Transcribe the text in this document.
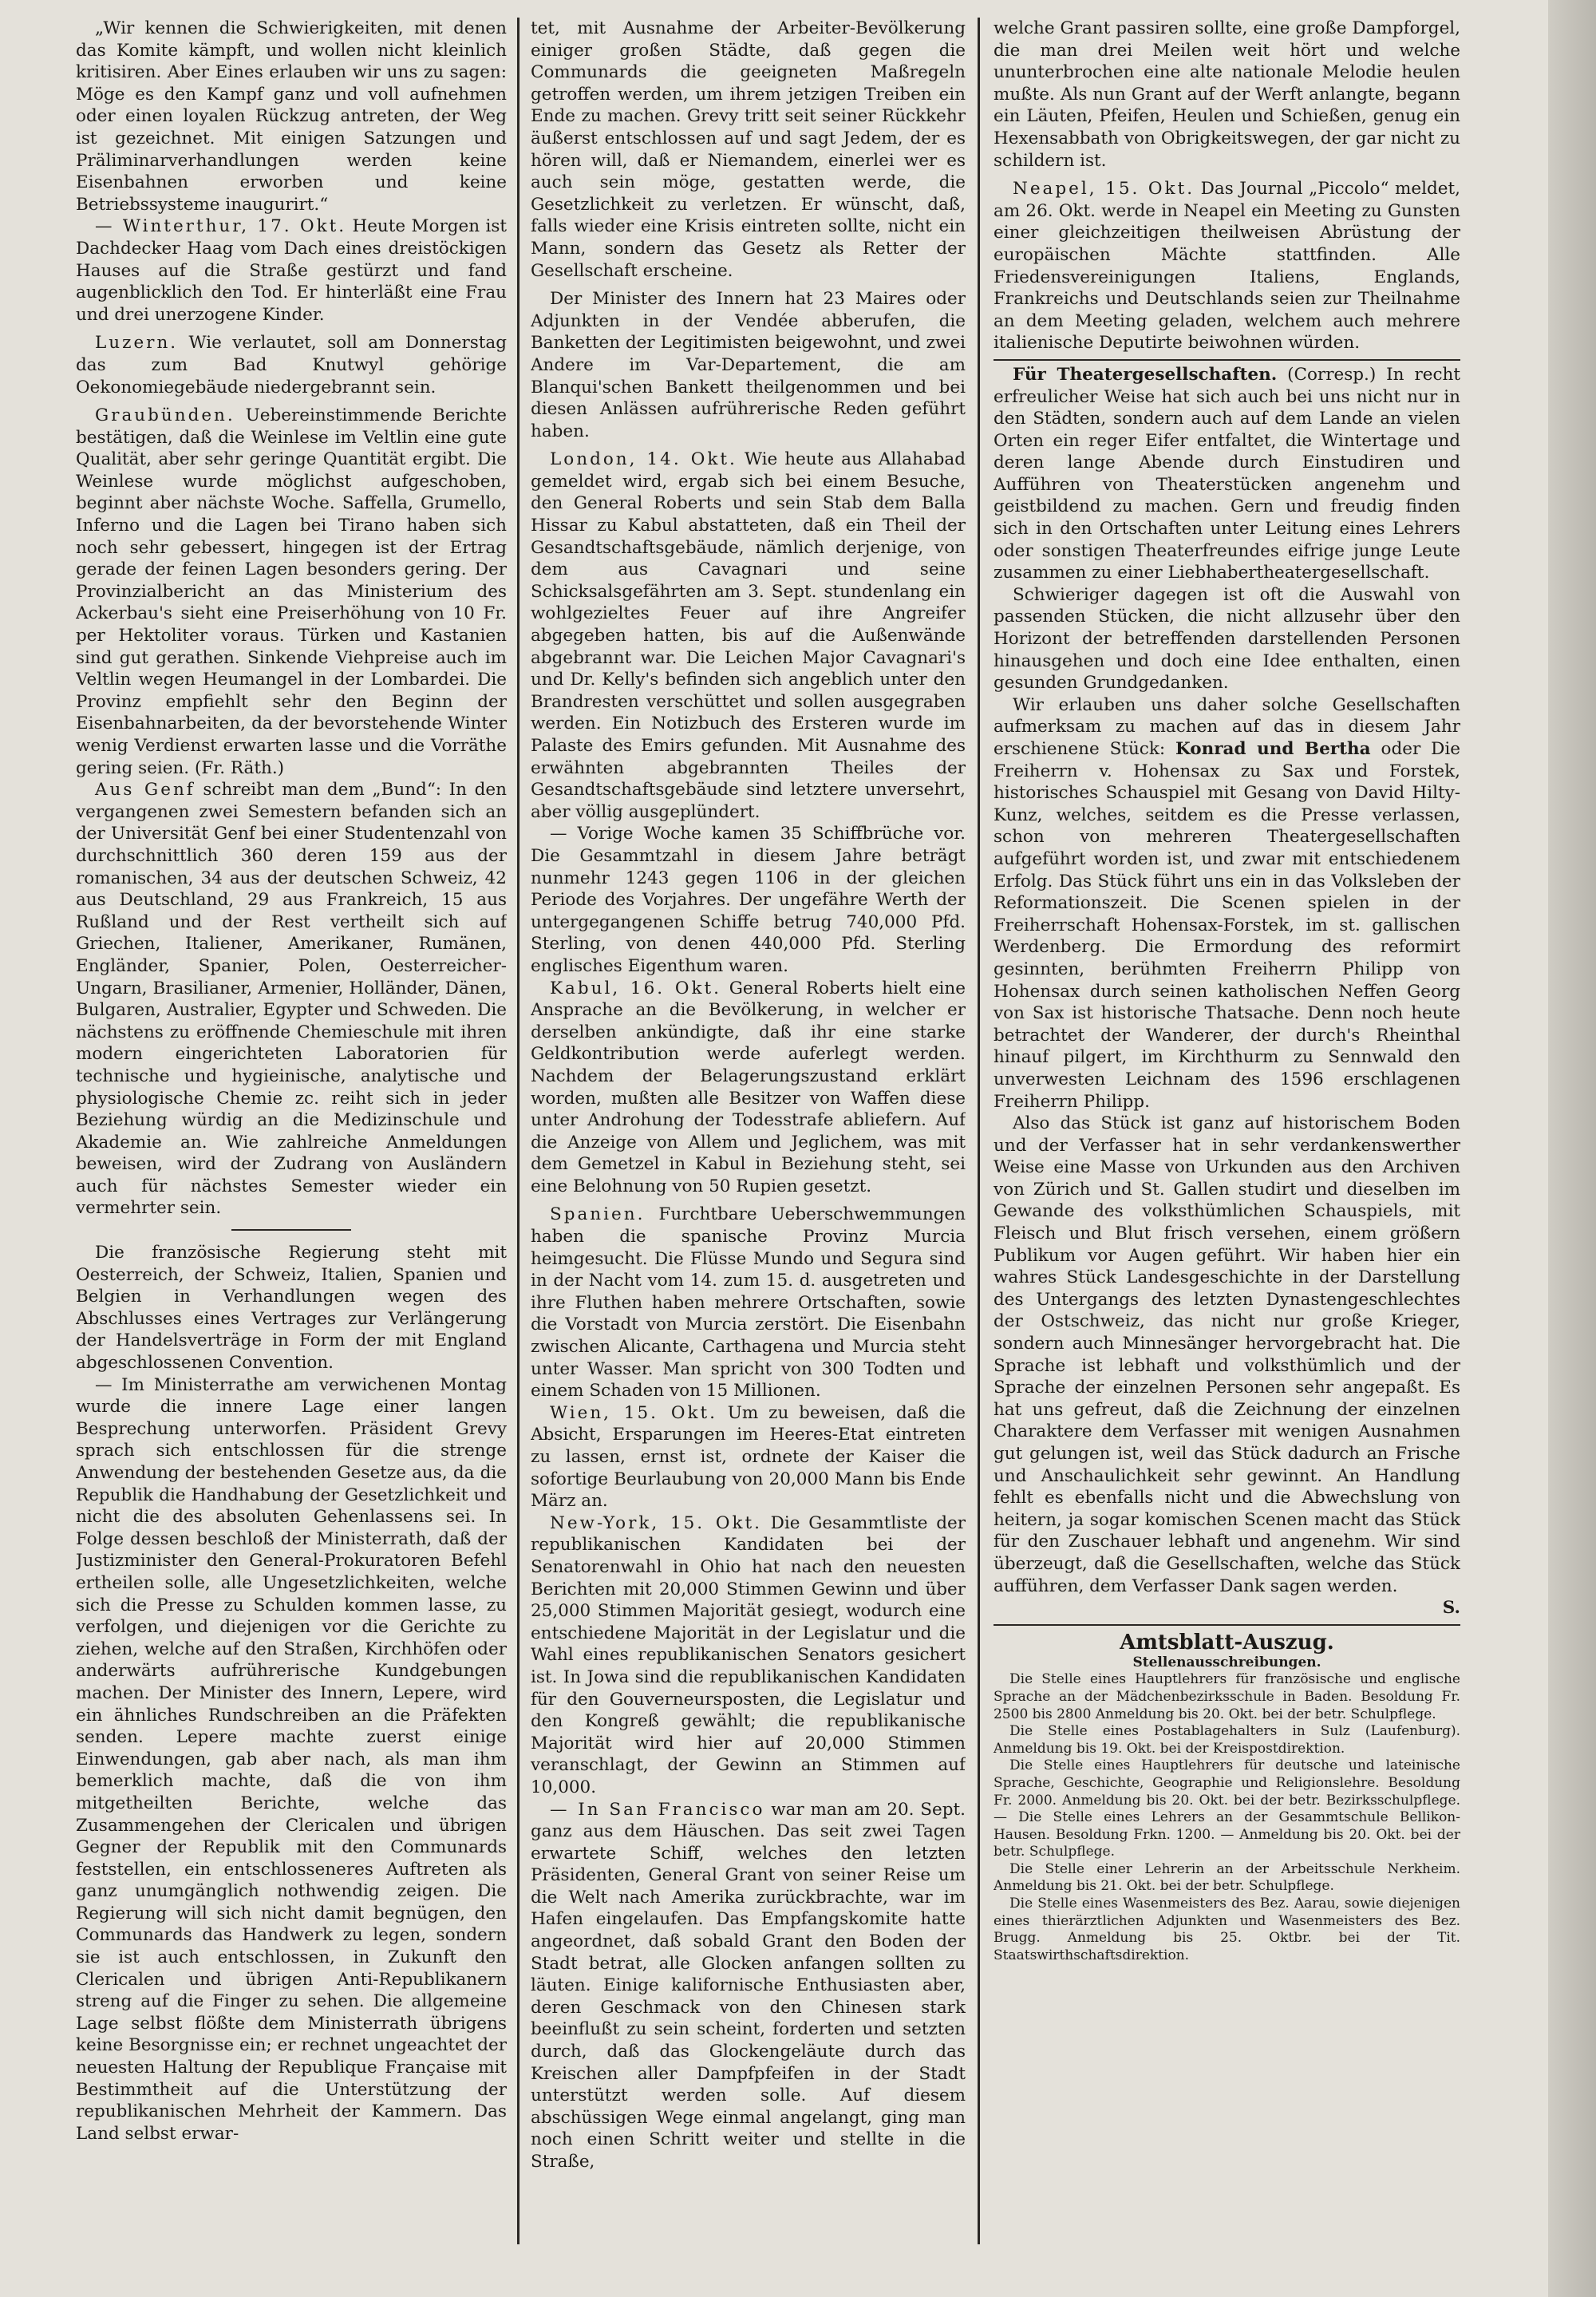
„Wir kennen die Schwierigkeiten, mit denen das Komite kämpft, und wollen nicht kleinlich kritisiren. Aber Eines erlauben wir uns zu sagen: Möge es den Kampf ganz und voll aufnehmen oder einen loyalen Rückzug antreten, der Weg ist gezeichnet. Mit einigen Satzungen und Präliminarverhandlungen werden keine Eisenbahnen erworben und keine Betriebssysteme inaugurirt.“

— Winterthur, 17. Okt. Heute Morgen ist Dachdecker Haag vom Dach eines dreistöckigen Hauses auf die Straße gestürzt und fand augenblicklich den Tod. Er hinterläßt eine Frau und drei unerzogene Kinder.

Luzern. Wie verlautet, soll am Donnerstag das zum Bad Knutwyl gehörige Oekonomiegebäude niedergebrannt sein.

Graubünden. Uebereinstimmende Berichte bestätigen, daß die Weinlese im Veltlin eine gute Qualität, aber sehr geringe Quantität ergibt. Die Weinlese wurde möglichst aufgeschoben, beginnt aber nächste Woche. Saffella, Grumello, Inferno und die Lagen bei Tirano haben sich noch sehr gebessert, hingegen ist der Ertrag gerade der feinen Lagen besonders gering. Der Provinzialbericht an das Ministerium des Ackerbau's sieht eine Preiserhöhung von 10 Fr. per Hektoliter voraus. Türken und Kastanien sind gut gerathen. Sinkende Viehpreise auch im Veltlin wegen Heumangel in der Lombardei. Die Provinz empfiehlt sehr den Beginn der Eisenbahnarbeiten, da der bevorstehende Winter wenig Verdienst erwarten lasse und die Vorräthe gering seien. (Fr. Räth.)

Aus Genf schreibt man dem „Bund“: In den vergangenen zwei Semestern befanden sich an der Universität Genf bei einer Studentenzahl von durchschnittlich 360 deren 159 aus der romanischen, 34 aus der deutschen Schweiz, 42 aus Deutschland, 29 aus Frankreich, 15 aus Rußland und der Rest vertheilt sich auf Griechen, Italiener, Amerikaner, Rumänen, Engländer, Spanier, Polen, Oesterreicher-Ungarn, Brasilianer, Armenier, Holländer, Dänen, Bulgaren, Australier, Egypter und Schweden. Die nächstens zu eröffnende Chemieschule mit ihren modern eingerichteten Laboratorien für technische und hygieinische, analytische und physiologische Chemie zc. reiht sich in jeder Beziehung würdig an die Medizinschule und Akademie an. Wie zahlreiche Anmeldungen beweisen, wird der Zudrang von Ausländern auch für nächstes Semester wieder ein vermehrter sein.

Die französische Regierung steht mit Oesterreich, der Schweiz, Italien, Spanien und Belgien in Verhandlungen wegen des Abschlusses eines Vertrages zur Verlängerung der Handelsverträge in Form der mit England abgeschlossenen Convention.

— Im Ministerrathe am verwichenen Montag wurde die innere Lage einer langen Besprechung unterworfen. Präsident Grevy sprach sich entschlossen für die strenge Anwendung der bestehenden Gesetze aus, da die Republik die Handhabung der Gesetzlichkeit und nicht die des absoluten Gehenlassens sei. In Folge dessen beschloß der Ministerrath, daß der Justizminister den General-Prokuratoren Befehl ertheilen solle, alle Ungesetzlichkeiten, welche sich die Presse zu Schulden kommen lasse, zu verfolgen, und diejenigen vor die Gerichte zu ziehen, welche auf den Straßen, Kirchhöfen oder anderwärts aufrührerische Kundgebungen machen. Der Minister des Innern, Lepere, wird ein ähnliches Rundschreiben an die Präfekten senden. Lepere machte zuerst einige Einwendungen, gab aber nach, als man ihm bemerklich machte, daß die von ihm mitgetheilten Berichte, welche das Zusammengehen der Clericalen und übrigen Gegner der Republik mit den Communards feststellen, ein entschlosseneres Auftreten als ganz unumgänglich nothwendig zeigen. Die Regierung will sich nicht damit begnügen, den Communards das Handwerk zu legen, sondern sie ist auch entschlossen, in Zukunft den Clericalen und übrigen Anti-Republikanern streng auf die Finger zu sehen. Die allgemeine Lage selbst flößte dem Ministerrath übrigens keine Besorgnisse ein; er rechnet ungeachtet der neuesten Haltung der Republique Française mit Bestimmtheit auf die Unterstützung der republikanischen Mehrheit der Kammern. Das Land selbst erwar-

tet, mit Ausnahme der Arbeiter-Bevölkerung einiger großen Städte, daß gegen die Communards die geeigneten Maßregeln getroffen werden, um ihrem jetzigen Treiben ein Ende zu machen. Grevy tritt seit seiner Rückkehr äußerst entschlossen auf und sagt Jedem, der es hören will, daß er Niemandem, einerlei wer es auch sein möge, gestatten werde, die Gesetzlichkeit zu verletzen. Er wünscht, daß, falls wieder eine Krisis eintreten sollte, nicht ein Mann, sondern das Gesetz als Retter der Gesellschaft erscheine.

Der Minister des Innern hat 23 Maires oder Adjunkten in der Vendée abberufen, die Banketten der Legitimisten beigewohnt, und zwei Andere im Var-Departement, die am Blanqui'schen Bankett theilgenommen und bei diesen Anlässen aufrührerische Reden geführt haben.

London, 14. Okt. Wie heute aus Allahabad gemeldet wird, ergab sich bei einem Besuche, den General Roberts und sein Stab dem Balla Hissar zu Kabul abstatteten, daß ein Theil der Gesandtschaftsgebäude, nämlich derjenige, von dem aus Cavagnari und seine Schicksalsgefährten am 3. Sept. stundenlang ein wohlgezieltes Feuer auf ihre Angreifer abgegeben hatten, bis auf die Außenwände abgebrannt war. Die Leichen Major Cavagnari's und Dr. Kelly's befinden sich angeblich unter den Brandresten verschüttet und sollen ausgegraben werden. Ein Notizbuch des Ersteren wurde im Palaste des Emirs gefunden. Mit Ausnahme des erwähnten abgebrannten Theiles der Gesandtschaftsgebäude sind letztere unversehrt, aber völlig ausgeplündert.

— Vorige Woche kamen 35 Schiffbrüche vor. Die Gesammtzahl in diesem Jahre beträgt nunmehr 1243 gegen 1106 in der gleichen Periode des Vorjahres. Der ungefähre Werth der untergegangenen Schiffe betrug 740,000 Pfd. Sterling, von denen 440,000 Pfd. Sterling englisches Eigenthum waren.

Kabul, 16. Okt. General Roberts hielt eine Ansprache an die Bevölkerung, in welcher er derselben ankündigte, daß ihr eine starke Geldkontribution werde auferlegt werden. Nachdem der Belagerungszustand erklärt worden, mußten alle Besitzer von Waffen diese unter Androhung der Todesstrafe abliefern. Auf die Anzeige von Allem und Jeglichem, was mit dem Gemetzel in Kabul in Beziehung steht, sei eine Belohnung von 50 Rupien gesetzt.

Spanien. Furchtbare Ueberschwemmungen haben die spanische Provinz Murcia heimgesucht. Die Flüsse Mundo und Segura sind in der Nacht vom 14. zum 15. d. ausgetreten und ihre Fluthen haben mehrere Ortschaften, sowie die Vorstadt von Murcia zerstört. Die Eisenbahn zwischen Alicante, Carthagena und Murcia steht unter Wasser. Man spricht von 300 Todten und einem Schaden von 15 Millionen.

Wien, 15. Okt. Um zu beweisen, daß die Absicht, Ersparungen im Heeres-Etat eintreten zu lassen, ernst ist, ordnete der Kaiser die sofortige Beurlaubung von 20,000 Mann bis Ende März an.

New-York, 15. Okt. Die Gesammtliste der republikanischen Kandidaten bei der Senatorenwahl in Ohio hat nach den neuesten Berichten mit 20,000 Stimmen Gewinn und über 25,000 Stimmen Majorität gesiegt, wodurch eine entschiedene Majorität in der Legislatur und die Wahl eines republikanischen Senators gesichert ist. In Jowa sind die republikanischen Kandidaten für den Gouverneursposten, die Legislatur und den Kongreß gewählt; die republikanische Majorität wird hier auf 20,000 Stimmen veranschlagt, der Gewinn an Stimmen auf 10,000.

— In San Francisco war man am 20. Sept. ganz aus dem Häuschen. Das seit zwei Tagen erwartete Schiff, welches den letzten Präsidenten, General Grant von seiner Reise um die Welt nach Amerika zurückbrachte, war im Hafen eingelaufen. Das Empfangskomite hatte angeordnet, daß sobald Grant den Boden der Stadt betrat, alle Glocken anfangen sollten zu läuten. Einige kalifornische Enthusiasten aber, deren Geschmack von den Chinesen stark beeinflußt zu sein scheint, forderten und setzten durch, daß das Glockengeläute durch das Kreischen aller Dampfpfeifen in der Stadt unterstützt werden solle. Auf diesem abschüssigen Wege einmal angelangt, ging man noch einen Schritt weiter und stellte in die Straße,

welche Grant passiren sollte, eine große Dampforgel, die man drei Meilen weit hört und welche ununterbrochen eine alte nationale Melodie heulen mußte. Als nun Grant auf der Werft anlangte, begann ein Läuten, Pfeifen, Heulen und Schießen, genug ein Hexensabbath von Obrigkeitswegen, der gar nicht zu schildern ist.

Neapel, 15. Okt. Das Journal „Piccolo“ meldet, am 26. Okt. werde in Neapel ein Meeting zu Gunsten einer gleichzeitigen theilweisen Abrüstung der europäischen Mächte stattfinden. Alle Friedensvereinigungen Italiens, Englands, Frankreichs und Deutschlands seien zur Theilnahme an dem Meeting geladen, welchem auch mehrere italienische Deputirte beiwohnen würden.

Für Theatergesellschaften. (Corresp.) In recht erfreulicher Weise hat sich auch bei uns nicht nur in den Städten, sondern auch auf dem Lande an vielen Orten ein reger Eifer entfaltet, die Wintertage und deren lange Abende durch Einstudiren und Aufführen von Theaterstücken angenehm und geistbildend zu machen. Gern und freudig finden sich in den Ortschaften unter Leitung eines Lehrers oder sonstigen Theaterfreundes eifrige junge Leute zusammen zu einer Liebhabertheatergesellschaft.

Schwieriger dagegen ist oft die Auswahl von passenden Stücken, die nicht allzusehr über den Horizont der betreffenden darstellenden Personen hinausgehen und doch eine Idee enthalten, einen gesunden Grundgedanken.

Wir erlauben uns daher solche Gesellschaften aufmerksam zu machen auf das in diesem Jahr erschienene Stück: Konrad und Bertha oder Die Freiherrn v. Hohensax zu Sax und Forstek, historisches Schauspiel mit Gesang von David Hilty-Kunz, welches, seitdem es die Presse verlassen, schon von mehreren Theatergesellschaften aufgeführt worden ist, und zwar mit entschiedenem Erfolg. Das Stück führt uns ein in das Volksleben der Reformationszeit. Die Scenen spielen in der Freiherrschaft Hohensax-Forstek, im st. gallischen Werdenberg. Die Ermordung des reformirt gesinnten, berühmten Freiherrn Philipp von Hohensax durch seinen katholischen Neffen Georg von Sax ist historische Thatsache. Denn noch heute betrachtet der Wanderer, der durch's Rheinthal hinauf pilgert, im Kirchthurm zu Sennwald den unverwesten Leichnam des 1596 erschlagenen Freiherrn Philipp.

Also das Stück ist ganz auf historischem Boden und der Verfasser hat in sehr verdankenswerther Weise eine Masse von Urkunden aus den Archiven von Zürich und St. Gallen studirt und dieselben im Gewande des volksthümlichen Schauspiels, mit Fleisch und Blut frisch versehen, einem größern Publikum vor Augen geführt. Wir haben hier ein wahres Stück Landesgeschichte in der Darstellung des Untergangs des letzten Dynastengeschlechtes der Ostschweiz, das nicht nur große Krieger, sondern auch Minnesänger hervorgebracht hat. Die Sprache ist lebhaft und volksthümlich und der Sprache der einzelnen Personen sehr angepaßt. Es hat uns gefreut, daß die Zeichnung der einzelnen Charaktere dem Verfasser mit wenigen Ausnahmen gut gelungen ist, weil das Stück dadurch an Frische und Anschaulichkeit sehr gewinnt. An Handlung fehlt es ebenfalls nicht und die Abwechslung von heitern, ja sogar komischen Scenen macht das Stück für den Zuschauer lebhaft und angenehm. Wir sind überzeugt, daß die Gesellschaften, welche das Stück aufführen, dem Verfasser Dank sagen werden.

S.
Amtsblatt-Auszug.
Stellenausschreibungen.

Die Stelle eines Hauptlehrers für französische und englische Sprache an der Mädchenbezirksschule in Baden. Besoldung Fr. 2500 bis 2800 Anmeldung bis 20. Okt. bei der betr. Schulpflege.

Die Stelle eines Postablagehalters in Sulz (Laufenburg). Anmeldung bis 19. Okt. bei der Kreispostdirektion.

Die Stelle eines Hauptlehrers für deutsche und lateinische Sprache, Geschichte, Geographie und Religionslehre. Besoldung Fr. 2000. Anmeldung bis 20. Okt. bei der betr. Bezirksschulpflege. — Die Stelle eines Lehrers an der Gesammtschule Bellikon-Hausen. Besoldung Frkn. 1200. — Anmeldung bis 20. Okt. bei der betr. Schulpflege.

Die Stelle einer Lehrerin an der Arbeitsschule Nerkheim. Anmeldung bis 21. Okt. bei der betr. Schulpflege.

Die Stelle eines Wasenmeisters des Bez. Aarau, sowie diejenigen eines thierärztlichen Adjunkten und Wasenmeisters des Bez. Brugg. Anmeldung bis 25. Oktbr. bei der Tit. Staatswirthschaftsdirektion.
